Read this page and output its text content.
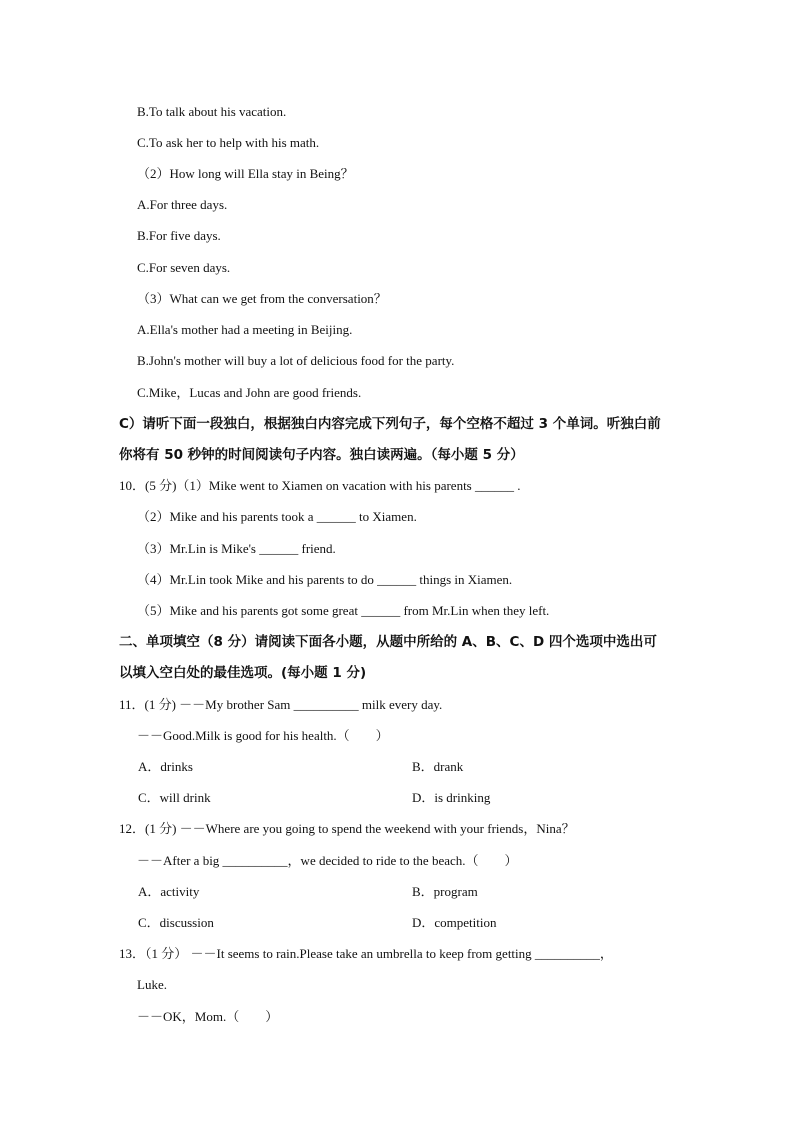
B.To talk about his vacation.
C.To ask her to help with his math.
（2）How long will Ella stay in Being？
A.For three days.
B.For five days.
C.For seven days.
（3）What can we get from the conversation？
A.Ella's mother had a meeting in Beijing.
B.John's mother will buy a lot of delicious food for the party.
C.Mike，Lucas and John are good friends.
C）请听下面一段独白，根据独白内容完成下列句子，每个空格不超过 3 个单词。听独白前
你将有 50 秒钟的时间阅读句子内容。独白读两遍。（每小题 5 分）
10．(5 分)（1）Mike went to Xiamen on vacation with his parents ______ .
（2）Mike and his parents took a ______ to Xiamen.
（3）Mr.Lin is Mike's ______ friend.
（4）Mr.Lin took Mike and his parents to do ______ things in Xiamen.
（5）Mike and his parents got some great ______ from Mr.Lin when they left.
二、单项填空（8 分）请阅读下面各小题，从题中所给的 A、B、C、D 四个选项中选出可
以填入空白处的最佳选项。(每小题 1 分)
11．(1 分) －－My brother Sam __________ milk every day.
－－Good.Milk is good for his health.（　　）
A．drinks	B．drank
C．will drink	D．is drinking
12．(1 分) －－Where are you going to spend the weekend with your friends，Nina？
－－After a big __________，we decided to ride to the beach.（　　）
A．activity	B．program
C．discussion	D．competition
13．（1 分） －－It seems to rain.Please take an umbrella to keep from getting __________，
Luke.
－－OK，Mom.（　　）
